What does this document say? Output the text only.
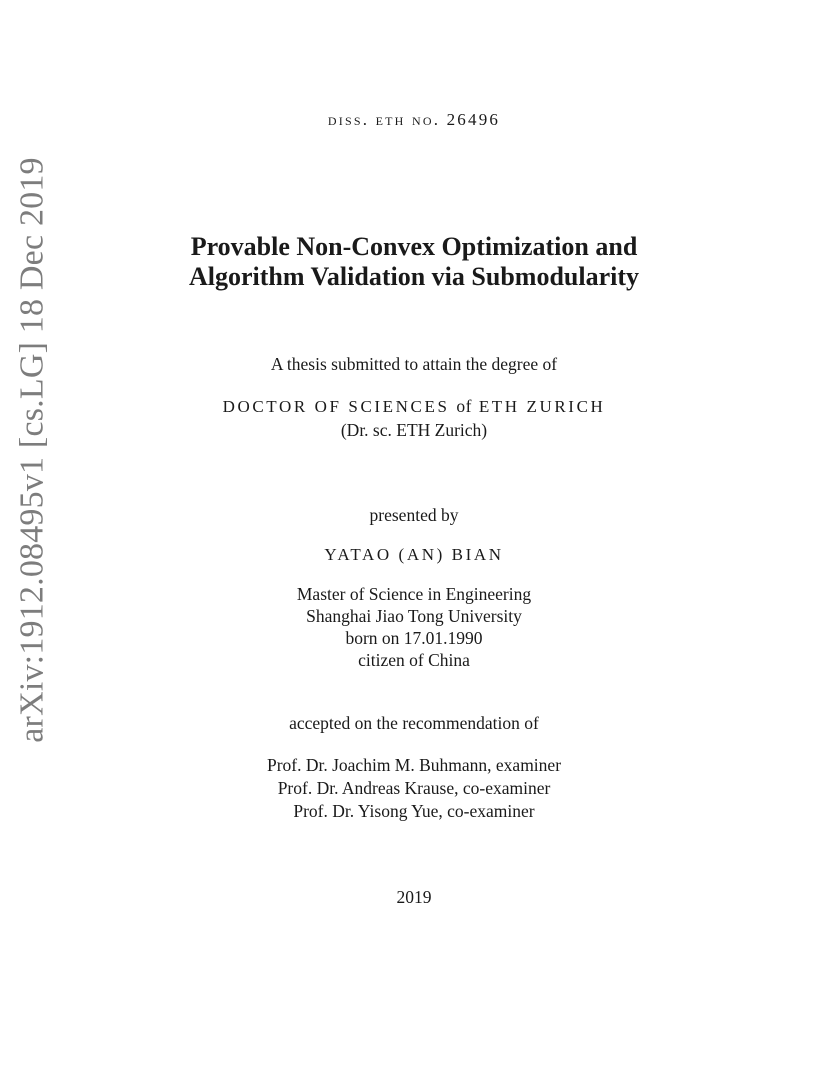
arXiv:1912.08495v1 [cs.LG] 18 Dec 2019
diss. eth no. 26496
Provable Non-Convex Optimization and
Algorithm Validation via Submodularity
A thesis submitted to attain the degree of
DOCTOR OF SCIENCES of ETH ZURICH
(Dr. sc. ETH Zurich)
presented by
YATAO (AN) BIAN
Master of Science in Engineering
Shanghai Jiao Tong University
born on 17.01.1990
citizen of China
accepted on the recommendation of
Prof. Dr. Joachim M. Buhmann, examiner
Prof. Dr. Andreas Krause, co-examiner
Prof. Dr. Yisong Yue, co-examiner
2019
